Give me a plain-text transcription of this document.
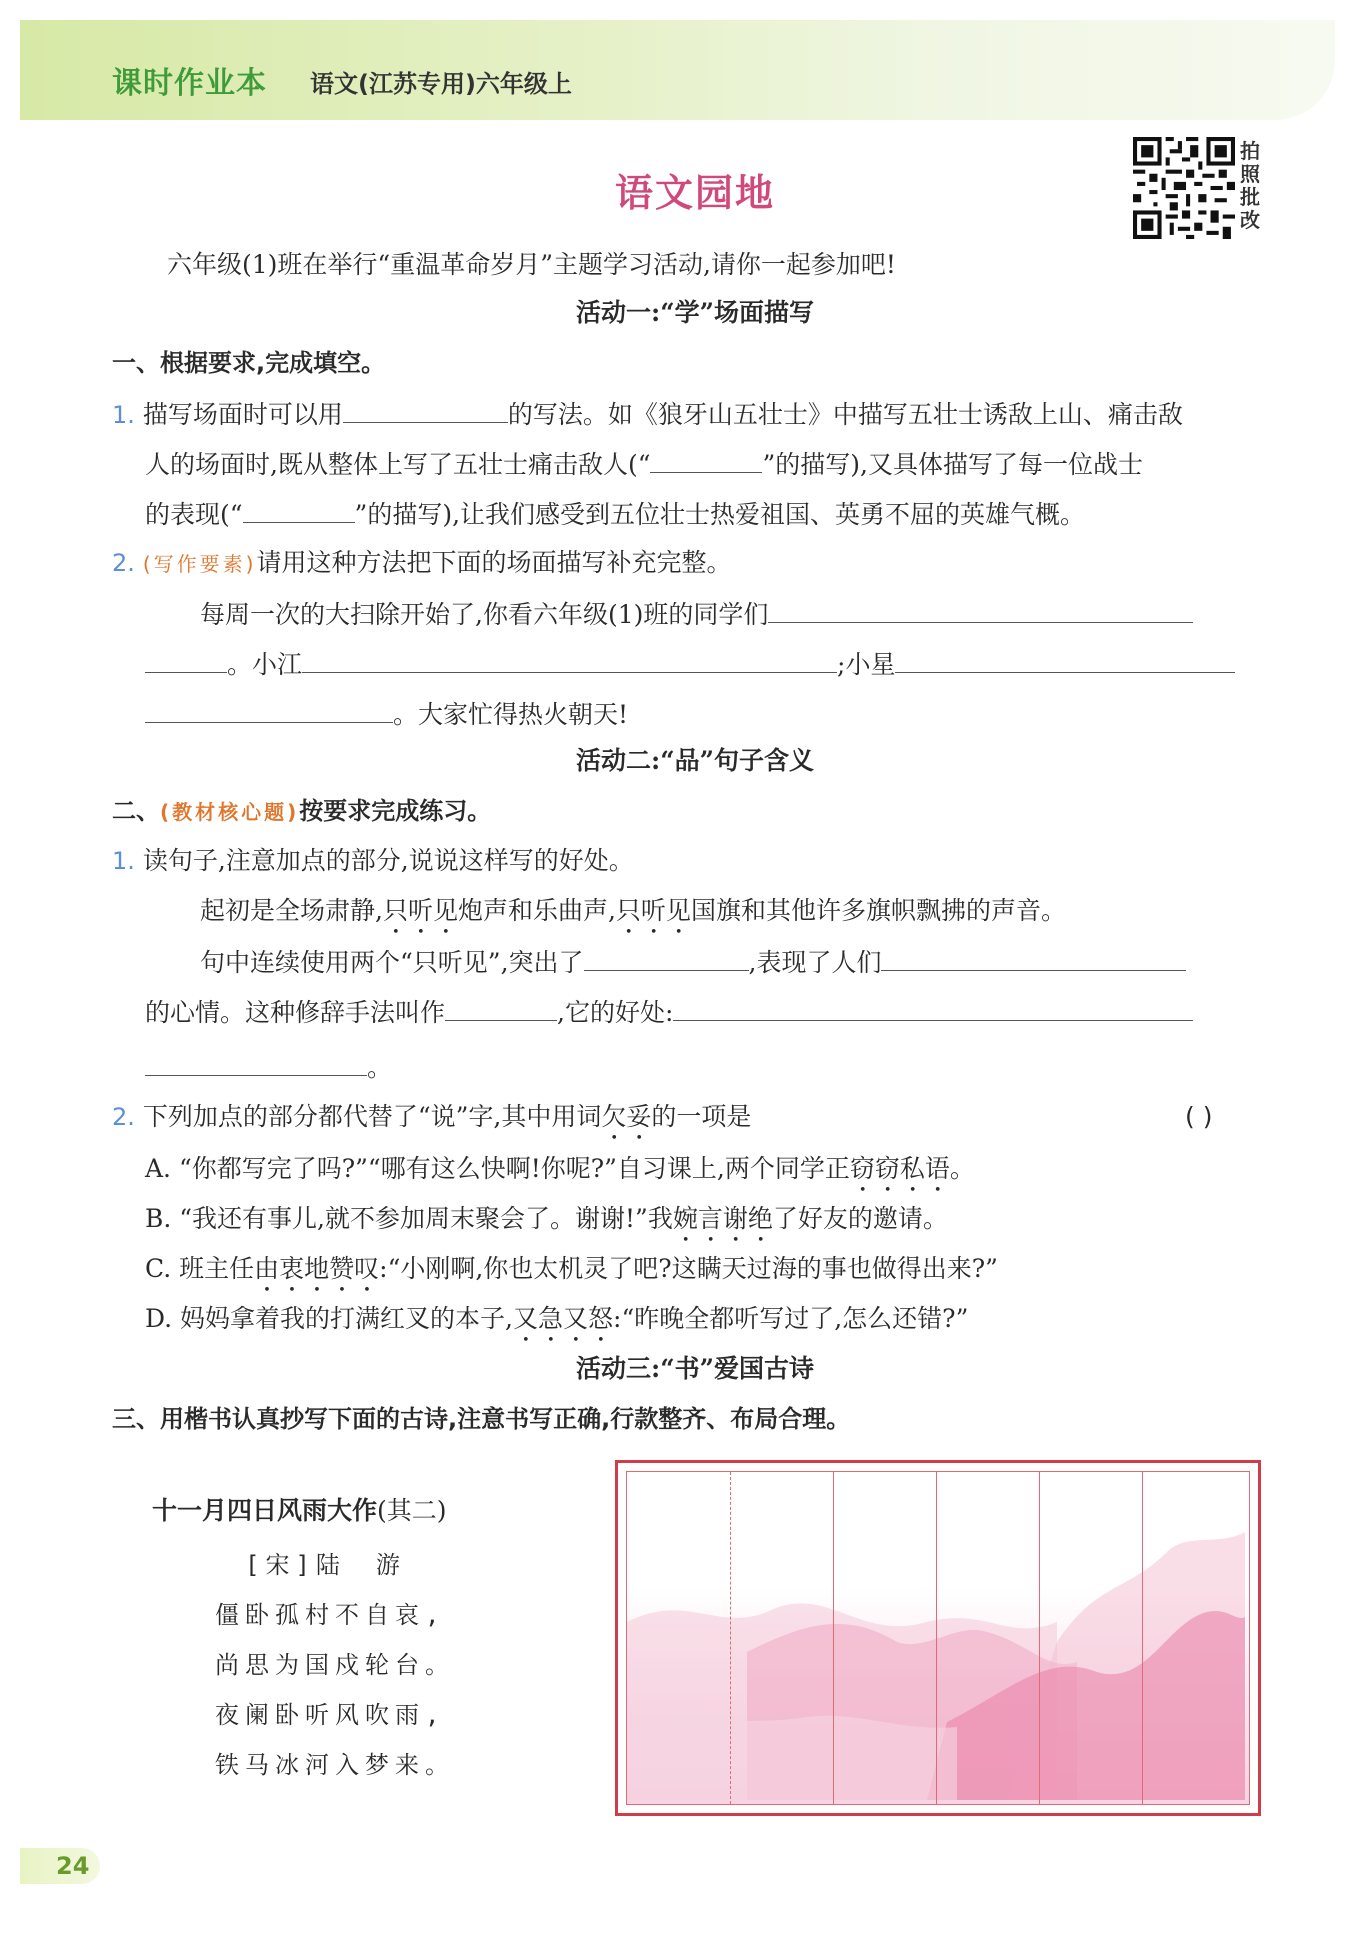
课时作业本 语文(江苏专用)六年级上
语文园地
拍
照
批
改
六年级(1)班在举行“重温革命岁月”主题学习活动,请你一起参加吧!
活动一:“学”场面描写
一、根据要求,完成填空。
1. 描写场面时可以用	的写法。如《狼牙山五壮士》中描写五壮士诱敌上山、痛击敌
人的场面时,既从整体上写了五壮士痛击敌人(“	”的描写),又具体描写了每一位战士
的表现(“	”的描写),让我们感受到五位壮士热爱祖国、英勇不屈的英雄气概。
2. (写作要素)请用这种方法把下面的场面描写补充完整。
每周一次的大扫除开始了,你看六年级(1)班的同学们
。小江	;小星
。大家忙得热火朝天!
活动二:“品”句子含义
二、(教材核心题)按要求完成练习。
1. 读句子,注意加点的部分,说说这样写的好处。
起初是全场肃静,只听见炮声和乐曲声,只听见国旗和其他许多旗帜飘拂的声音。
句中连续使用两个“只听见”,突出了	,表现了人们
的心情。这种修辞手法叫作	,它的好处:
。
2. 下列加点的部分都代替了“说”字,其中用词欠妥的一项是	( )
A. “你都写完了吗?”“哪有这么快啊!你呢?”自习课上,两个同学正窃窃私语。
B. “我还有事儿,就不参加周末聚会了。谢谢!”我婉言谢绝了好友的邀请。
C. 班主任由衷地赞叹:“小刚啊,你也太机灵了吧?这瞒天过海的事也做得出来?”
D. 妈妈拿着我的打满红叉的本子,又急又怒:“昨晚全都听写过了,怎么还错?”
活动三:“书”爱国古诗
三、用楷书认真抄写下面的古诗,注意书写正确,行款整齐、布局合理。
十一月四日风雨大作(其二)
[宋]陆　游
僵卧孤村不自哀,
尚思为国戍轮台。
夜阑卧听风吹雨,
铁马冰河入梦来。
24
